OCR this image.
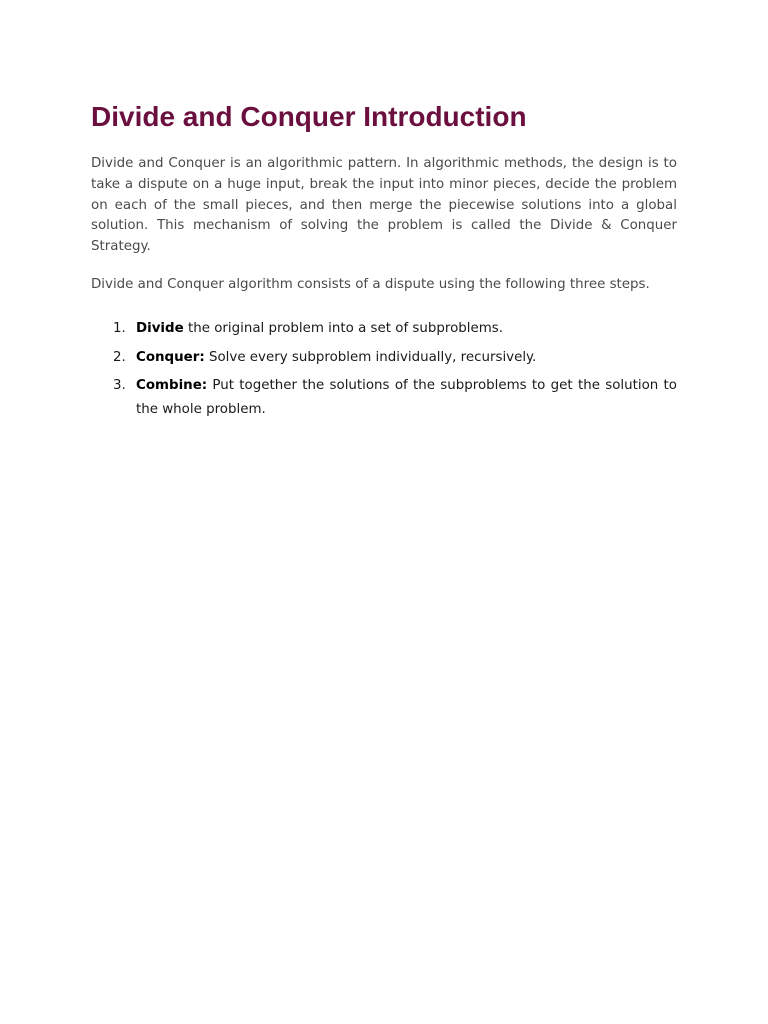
Divide and Conquer Introduction

Divide and Conquer is an algorithmic pattern. In algorithmic methods, the design is to take a dispute on a huge input, break the input into minor pieces, decide the problem on each of the small pieces, and then merge the piecewise solutions into a global solution. This mechanism of solving the problem is called the Divide & Conquer Strategy.

Divide and Conquer algorithm consists of a dispute using the following three steps.

1. Divide the original problem into a set of subproblems.
2. Conquer: Solve every subproblem individually, recursively.
3. Combine: Put together the solutions of the subproblems to get the solution to the whole problem.
